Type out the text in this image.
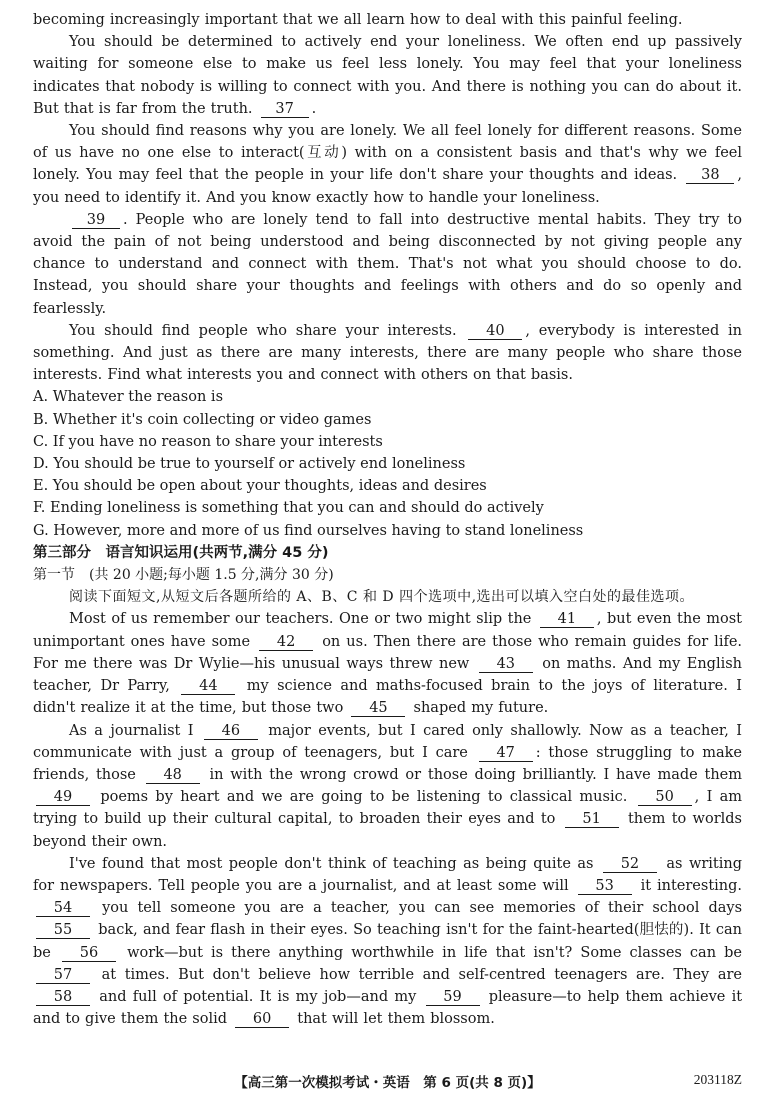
becoming increasingly important that we all learn how to deal with this painful feeling.

You should be determined to actively end your loneliness. We often end up passively waiting for someone else to make us feel less lonely. You may feel that your loneliness indicates that nobody is willing to connect with you. And there is nothing you can do about it. But that is far from the truth. 37 .

You should find reasons why you are lonely. We all feel lonely for different reasons. Some of us have no one else to interact(互动) with on a consistent basis and that's why we feel lonely. You may feel that the people in your life don't share your thoughts and ideas. 38 , you need to identify it. And you know exactly how to handle your loneliness.

39 . People who are lonely tend to fall into destructive mental habits. They try to avoid the pain of not being understood and being disconnected by not giving people any chance to understand and connect with them. That's not what you should choose to do. Instead, you should share your thoughts and feelings with others and do so openly and fearlessly.

You should find people who share your interests. 40 , everybody is interested in something. And just as there are many interests, there are many people who share those interests. Find what interests you and connect with others on that basis.

A. Whatever the reason is

B. Whether it's coin collecting or video games

C. If you have no reason to share your interests

D. You should be true to yourself or actively end loneliness

E. You should be open about your thoughts, ideas and desires

F. Ending loneliness is something that you can and should do actively

G. However, more and more of us find ourselves having to stand loneliness

第三部分　语言知识运用(共两节,满分 45 分)

第一节　(共 20 小题;每小题 1.5 分,满分 30 分)

阅读下面短文,从短文后各题所给的 A、B、C 和 D 四个选项中,选出可以填入空白处的最佳选项。

Most of us remember our teachers. One or two might slip the 41 , but even the most unimportant ones have some 42 on us. Then there are those who remain guides for life. For me there was Dr Wylie—his unusual ways threw new 43 on maths. And my English teacher, Dr Parry, 44 my science and maths-focused brain to the joys of literature. I didn't realize it at the time, but those two 45 shaped my future.

As a journalist I 46 major events, but I cared only shallowly. Now as a teacher, I communicate with just a group of teenagers, but I care 47 : those struggling to make friends, those 48 in with the wrong crowd or those doing brilliantly. I have made them 49 poems by heart and we are going to be listening to classical music. 50 , I am trying to build up their cultural capital, to broaden their eyes and to 51 them to worlds beyond their own.

I've found that most people don't think of teaching as being quite as 52 as writing for newspapers. Tell people you are a journalist, and at least some will 53 it interesting. 54 you tell someone you are a teacher, you can see memories of their school days 55 back, and fear flash in their eyes. So teaching isn't for the faint-hearted(胆怯的). It can be 56 work—but is there anything worthwhile in life that isn't? Some classes can be 57 at times. But don't believe how terrible and self-centred teenagers are. They are 58 and full of potential. It is my job—and my 59 pleasure—to help them achieve it and to give them the solid 60 that will let them blossom.

【高三第一次模拟考试・英语　第 6 页(共 8 页)】	203118Z
